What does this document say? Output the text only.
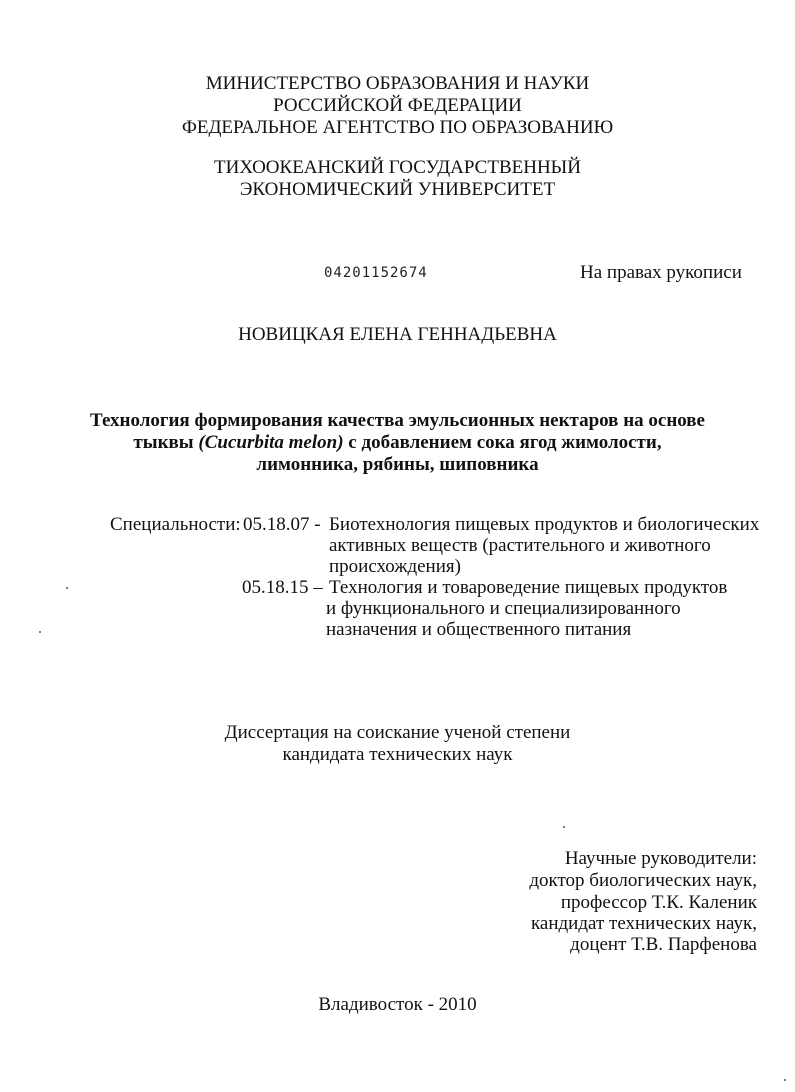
МИНИСТЕРСТВО ОБРАЗОВАНИЯ И НАУКИ
РОССИЙСКОЙ ФЕДЕРАЦИИ
ФЕДЕРАЛЬНОЕ АГЕНТСТВО ПО ОБРАЗОВАНИЮ
ТИХООКЕАНСКИЙ ГОСУДАРСТВЕННЫЙ
ЭКОНОМИЧЕСКИЙ УНИВЕРСИТЕТ
04201152674	На правах рукописи
НОВИЦКАЯ ЕЛЕНА ГЕННАДЬЕВНА
Технология формирования качества эмульсионных нектаров на основе
тыквы (Cucurbita melon) с добавлением сока ягод жимолости,
лимонника, рябины, шиповника
Специальности: 05.18.07 - Биотехнология пищевых продуктов и биологических
активных веществ (растительного и животного
происхождения)
05.18.15 – Технология и товароведение пищевых продуктов
и функционального и специализированного
назначения и общественного питания
Диссертация на соискание ученой степени
кандидата технических наук
Научные руководители:
доктор биологических наук,
профессор Т.К. Каленик
кандидат технических наук,
доцент Т.В. Парфенова
Владивосток - 2010
